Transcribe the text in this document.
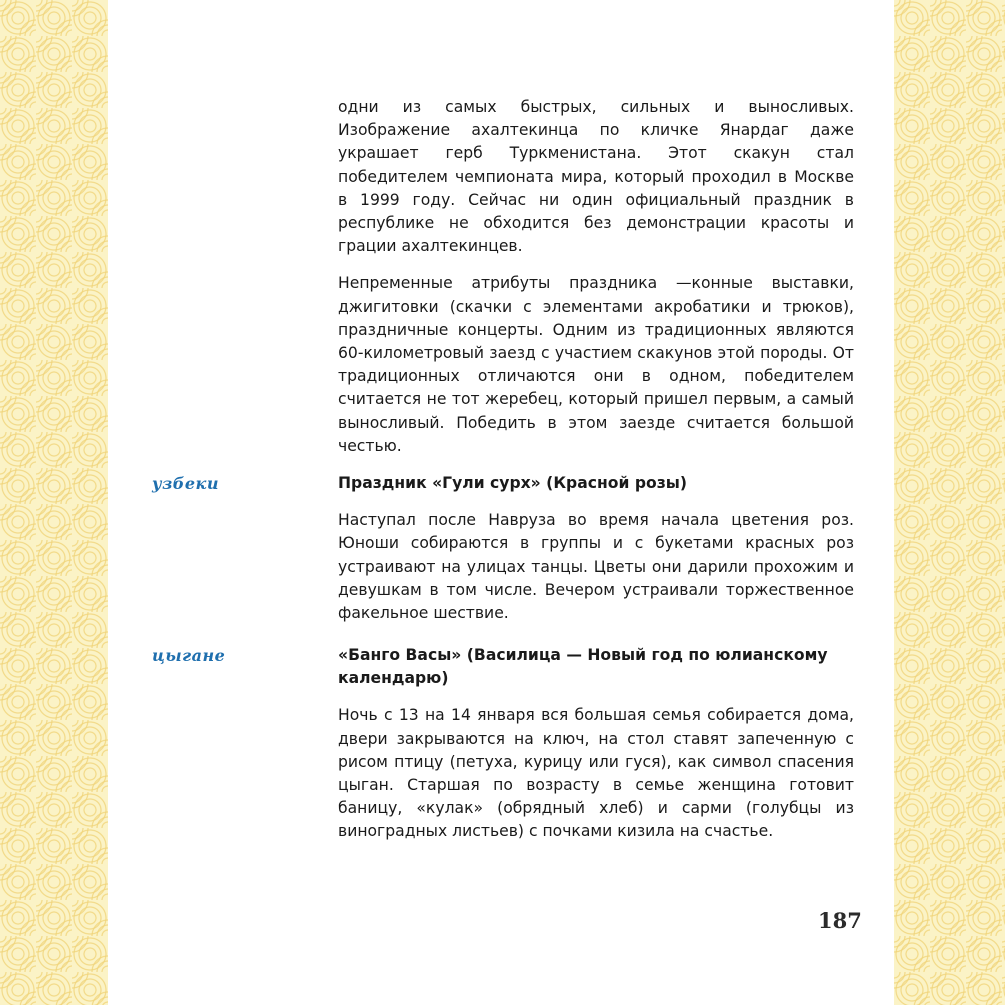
одни из самых быстрых, сильных и выносливых. Изображение ахалтекинца по кличке Янардаг даже украшает герб Туркменистана. Этот скакун стал победителем чемпионата мира, который проходил в Москве в 1999 году. Сейчас ни один официальный праздник в республике не обходится без демонстрации красоты и грации ахалтекинцев.

Непременные атрибуты праздника —конные выставки, джигитовки (скачки с элементами акробатики и трюков), праздничные концерты. Одним из традиционных являются 60-километровый заезд с участием скакунов этой породы. От традиционных отличаются они в одном, победителем считается не тот жеребец, который пришел первым, а самый выносливый. Победить в этом заезде считается большой честью.

узбеки	Праздник «Гули сурх» (Красной розы)

Наступал после Навруза во время начала цветения роз. Юноши собираются в группы и с букетами красных роз устраивают на улицах танцы. Цветы они дарили прохожим и девушкам в том числе. Вечером устраивали торжественное факельное шествие.

цыгане	«Банго Васы» (Василица — Новый год по юлианскому календарю)

Ночь с 13 на 14 января вся большая семья собирается дома, двери закрываются на ключ, на стол ставят запеченную с рисом птицу (петуха, курицу или гуся), как символ спасения цыган. Старшая по возрасту в семье женщина готовит баницу, «кулак» (обрядный хлеб) и сарми (голубцы из виноградных листьев) с почками кизила на счастье.

187
